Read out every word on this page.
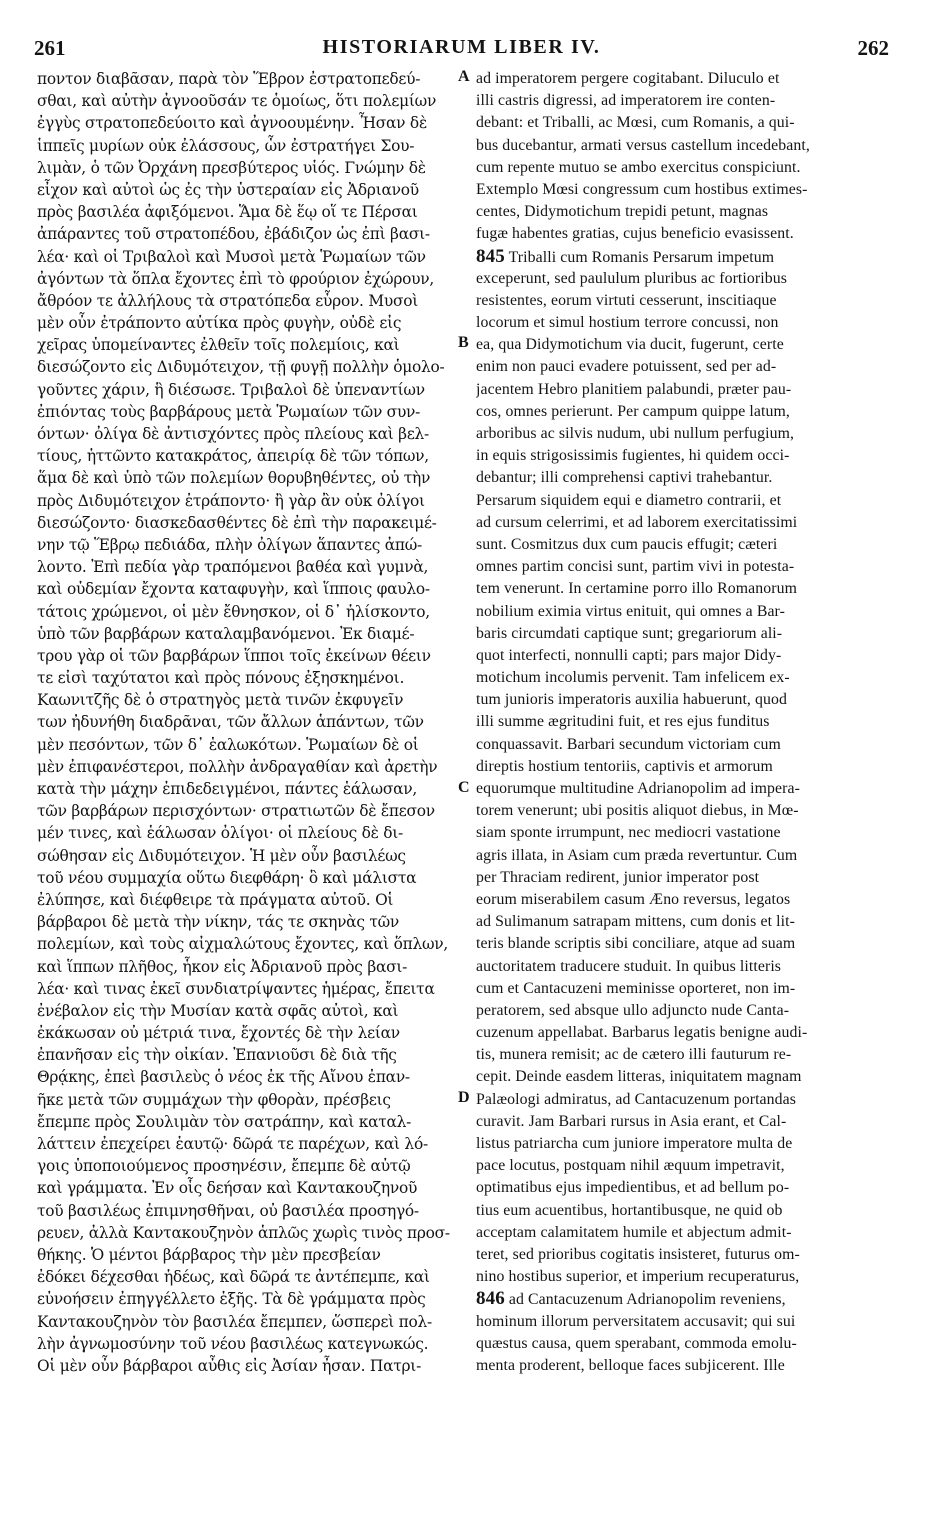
261	HISTORIARUM LIBER IV.	262
ποντον διαβᾶσαν, παρὰ τὸν Ἕβρον ἐστρατοπεδεύ-
σθαι, καὶ αὐτὴν ἀγνοοῦσάν τε ὁμοίως, ὅτι πολεμίων
ἐγγὺς στρατοπεδεύοιτο καὶ ἀγνοουμένην. Ἦσαν δὲ
ἱππεῖς μυρίων οὐκ ἐλάσσους, ὧν ἐστρατήγει Σου-
λιμὰν, ὁ τῶν Ὀρχάνη πρεσβύτερος υἱός. Γνώμην δὲ
εἶχον καὶ αὐτοὶ ὡς ἐς τὴν ὑστεραίαν εἰς Ἀδριανοῦ
πρὸς βασιλέα ἀφιξόμενοι. Ἅμα δὲ ἕῳ οἵ τε Πέρσαι
ἀπάραντες τοῦ στρατοπέδου, ἐβάδιζον ὡς ἐπὶ βασι-
λέα· καὶ οἱ Τριβαλοὶ καὶ Μυσοὶ μετὰ Ῥωμαίων τῶν
ἀγόντων τὰ ὅπλα ἔχοντες ἐπὶ τὸ φρούριον ἐχώρουν,
ἄθρόον τε ἀλλήλους τὰ στρατόπεδα εὗρον. Μυσοὶ
μὲν οὖν ἐτράποντο αὐτίκα πρὸς φυγὴν, οὐδὲ εἰς
χεῖρας ὑπομείναντες ἐλθεῖν τοῖς πολεμίοις, καὶ
διεσώζοντο εἰς Διδυμότειχον, τῇ φυγῇ πολλὴν ὁμολο-
γοῦντες χάριν, ἣ διέσωσε. Τριβαλοὶ δὲ ὑπεναντίων
ἐπιόντας τοὺς βαρβάρους μετὰ Ῥωμαίων τῶν συν-
όντων· ὀλίγα δὲ ἀντισχόντες πρὸς πλείους καὶ βελ-
τίους, ἡττῶντο κατακράτος, ἀπειρίᾳ δὲ τῶν τόπων,
ἅμα δὲ καὶ ὑπὸ τῶν πολεμίων θορυβηθέντες, οὐ τὴν
πρὸς Διδυμότειχον ἐτράποντο· ἢ γὰρ ἂν οὐκ ὀλίγοι
διεσώζοντο· διασκεδασθέντες δὲ ἐπὶ τὴν παρακειμέ-
νην τῷ Ἕβρῳ πεδιάδα, πλὴν ὀλίγων ἅπαντες ἀπώ-
λοντο. Ἐπὶ πεδία γὰρ τραπόμενοι βαθέα καὶ γυμνὰ,
καὶ οὐδεμίαν ἔχοντα καταφυγὴν, καὶ ἵπποις φαυλο-
τάτοις χρώμενοι, οἱ μὲν ἔθνησκον, οἱ δ᾽ ἡλίσκοντο,
ὑπὸ τῶν βαρβάρων καταλαμβανόμενοι. Ἐκ διαμέ-
τρου γὰρ οἱ τῶν βαρβάρων ἵπποι τοῖς ἐκείνων θέειν
τε εἰσὶ ταχύτατοι καὶ πρὸς πόνους ἐξησκημένοι.
Καωνιτζῆς δὲ ὁ στρατηγὸς μετὰ τινῶν ἐκφυγεῖν
των ἠδυνήθη διαδρᾶναι, τῶν ἄλλων ἁπάντων, τῶν
μὲν πεσόντων, τῶν δ᾽ ἑαλωκότων. Ῥωμαίων δὲ οἱ
μὲν ἐπιφανέστεροι, πολλὴν ἀνδραγαθίαν καὶ ἀρετὴν
κατὰ τὴν μάχην ἐπιδεδειγμένοι, πάντες ἑάλωσαν,
τῶν βαρβάρων περισχόντων· στρατιωτῶν δὲ ἔπεσον
μέν τινες, καὶ ἑάλωσαν ὀλίγοι· οἱ πλείους δὲ δι-
σώθησαν εἰς Διδυμότειχον. Ἡ μὲν οὖν βασιλέως
τοῦ νέου συμμαχία οὕτω διεφθάρη· ὃ καὶ μάλιστα
ἐλύπησε, καὶ διέφθειρε τὰ πράγματα αὐτοῦ. Οἱ
βάρβαροι δὲ μετὰ τὴν νίκην, τάς τε σκηνὰς τῶν
πολεμίων, καὶ τοὺς αἰχμαλώτους ἔχοντες, καὶ ὅπλων,
καὶ ἵππων πλῆθος, ἧκον εἰς Ἀδριανοῦ πρὸς βασι-
λέα· καὶ τινας ἐκεῖ συνδιατρίψαντες ἡμέρας, ἔπειτα
ἐνέβαλον εἰς τὴν Μυσίαν κατὰ σφᾶς αὐτοὶ, καὶ
ἐκάκωσαν οὐ μέτριά τινα, ἔχοντές δὲ τὴν λείαν
ἐπανῆσαν εἰς τὴν οἰκίαν. Ἐπανιοῦσι δὲ διὰ τῆς
Θρᾴκης, ἐπεὶ βασιλεὺς ὁ νέος ἐκ τῆς Αἴνου ἐπαν-
ῆκε μετὰ τῶν συμμάχων τὴν φθορὰν, πρέσβεις
ἔπεμπε πρὸς Σουλιμὰν τὸν σατράπην, καὶ καταλ-
λάττειν ἐπεχείρει ἑαυτῷ· δῶρά τε παρέχων, καὶ λό-
γοις ὑποποιούμενος προσηνέσιν, ἔπεμπε δὲ αὐτῷ
καὶ γράμματα. Ἐν οἷς δεήσαν καὶ Καντακουζηνοῦ
τοῦ βασιλέως ἐπιμνησθῆναι, οὐ βασιλέα προσηγό-
ρευεν, ἀλλὰ Καντακουζηνὸν ἁπλῶς χωρὶς τινὸς προσ-
θήκης. Ὁ μέντοι βάρβαρος τὴν μὲν πρεσβείαν
ἐδόκει δέχεσθαι ἡδέως, καὶ δῶρά τε ἀντέπεμπε, καὶ
εὐνοήσειν ἐπηγγέλλετο ἑξῆς. Τὰ δὲ γράμματα πρὸς
Καντακουζηνὸν τὸν βασιλέα ἔπεμπεν, ὥσπερεὶ πολ-
λὴν ἀγνωμοσύνην τοῦ νέου βασιλέως κατεγνωκώς.
Οἱ μὲν οὖν βάρβαροι αὖθις εἰς Ἀσίαν ἦσαν. Πατρι-
ad imperatorem pergere cogitabant. Diluculo et
illi castris digressi, ad imperatorem ire conten-
debant: et Triballi, ac Mœsi, cum Romanis, a qui-
bus ducebantur, armati versus castellum incedebant,
cum repente mutuo se ambo exercitus conspiciunt.
Extemplo Mœsi congressum cum hostibus extimes-
centes, Didymotichum trepidi petunt, magnas
fugæ habentes gratias, cujus beneficio evasissent.
845 Triballi cum Romanis Persarum impetum
exceperunt, sed paululum pluribus ac fortioribus
resistentes, eorum virtuti cesserunt, inscitiaque
locorum et simul hostium terrore concussi, non
ea, qua Didymotichum via ducit, fugerunt, certe
enim non pauci evadere potuissent, sed per ad-
jacentem Hebro planitiem palabundi, præter pau-
cos, omnes perierunt. Per campum quippe latum,
arboribus ac silvis nudum, ubi nullum perfugium,
in equis strigosissimis fugientes, hi quidem occi-
debantur; illi comprehensi captivi trahebantur.
Persarum siquidem equi e diametro contrarii, et
ad cursum celerrimi, et ad laborem exercitatissimi
sunt. Cosmitzus dux cum paucis effugit; cæteri
omnes partim concisi sunt, partim vivi in potesta-
tem venerunt. In certamine porro illo Romanorum
nobilium eximia virtus enituit, qui omnes a Bar-
baris circumdati captique sunt; gregariorum ali-
quot interfecti, nonnulli capti; pars major Didy-
motichum incolumis pervenit. Tam infelicem ex-
tum junioris imperatoris auxilia habuerunt, quod
illi summe ægritudini fuit, et res ejus funditus
conquassavit. Barbari secundum victoriam cum
direptis hostium tentoriis, captivis et armorum
equorumque multitudine Adrianopolim ad impera-
torem venerunt; ubi positis aliquot diebus, in Mœ-
siam sponte irrumpunt, nec mediocri vastatione
agris illata, in Asiam cum præda revertuntur. Cum
per Thraciam redirent, junior imperator post
eorum miserabilem casum Æno reversus, legatos
ad Sulimanum satrapam mittens, cum donis et lit-
teris blande scriptis sibi conciliare, atque ad suam
auctoritatem traducere studuit. In quibus litteris
cum et Cantacuzeni meminisse oporteret, non im-
peratorem, sed absque ullo adjuncto nude Canta-
cuzenum appellabat. Barbarus legatis benigne audi-
tis, munera remisit; ac de cætero illi fauturum re-
cepit. Deinde easdem litteras, iniquitatem magnam
Palæologi admiratus, ad Cantacuzenum portandas
curavit. Jam Barbari rursus in Asia erant, et Cal-
listus patriarcha cum juniore imperatore multa de
pace locutus, postquam nihil æquum impetravit,
optimatibus ejus impedientibus, et ad bellum po-
tius eum acuentibus, hortantibusque, ne quid ob
acceptam calamitatem humile et abjectum admit-
teret, sed prioribus cogitatis insisteret, futurus om-
nino hostibus superior, et imperium recuperaturus,
846 ad Cantacuzenum Adrianopolim reveniens,
hominum illorum perversitatem accusavit; qui sui
quæstus causa, quem sperabant, commoda emolu-
menta proderent, belloque faces subjicerent. Ille
A
B
C
D
